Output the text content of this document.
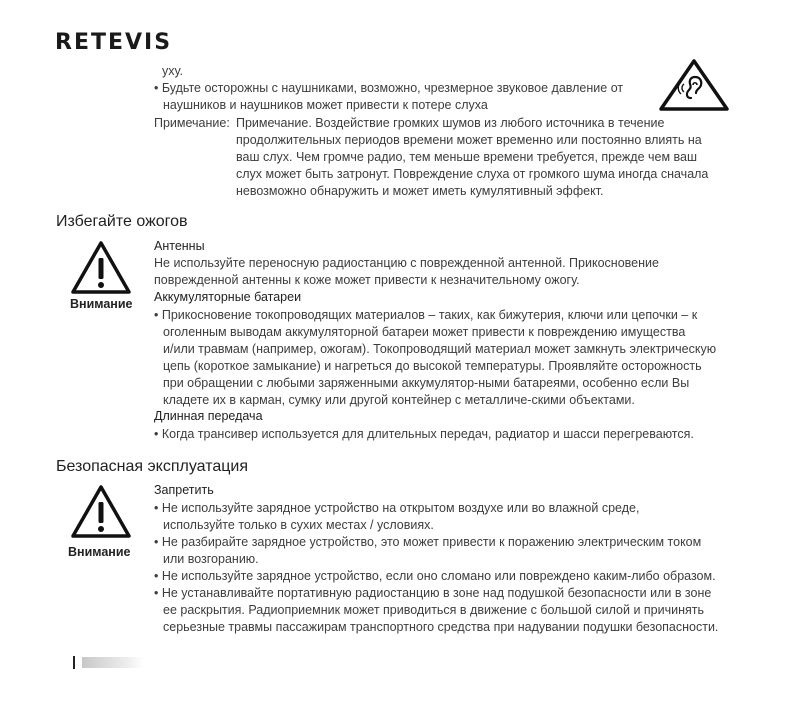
RETEVIS
уху.
• Будьте осторожны с наушниками, возможно, чрезмерное звуковое давление от
наушников и наушников может привести к потере слуха
Примечание: Примечание. Воздействие громких шумов из любого источника в течение
продолжительных периодов времени может временно или постоянно влиять на
ваш слух. Чем громче радио, тем меньше времени требуется, прежде чем ваш
слух может быть затронут. Повреждение слуха от громкого шума иногда сначала
невозможно обнаружить и может иметь кумулятивный эффект.
Избегайте ожогов
Внимание
Антенны
Не используйте переносную радиостанцию с поврежденной антенной. Прикосновение
поврежденной антенны к коже может привести к незначительному ожогу.
Аккумуляторные батареи
• Прикосновение токопроводящих материалов – таких, как бижутерия, ключи или цепочки – к
оголенным выводам аккумуляторной батареи может привести к повреждению имущества
и/или травмам (например, ожогам). Токопроводящий материал может замкнуть электрическую
цепь (короткое замыкание) и нагреться до высокой температуры. Проявляйте осторожность
при обращении с любыми заряженными аккумулятор-ными батареями, особенно если Вы
кладете их в карман, сумку или другой контейнер с металличе-скими объектами.
Длинная передача
• Когда трансивер используется для длительных передач, радиатор и шасси перегреваются.
Безопасная эксплуатация
Внимание
Запретить
• Не используйте зарядное устройство на открытом воздухе или во влажной среде,
используйте только в сухих местах / условиях.
• Не разбирайте зарядное устройство, это может привести к поражению электрическим током
или возгоранию.
• Не используйте зарядное устройство, если оно сломано или повреждено каким-либо образом.
• Не устанавливайте портативную радиостанцию в зоне над подушкой безопасности или в зоне
ее раскрытия. Радиоприемник может приводиться в движение с большой силой и причинять
серьезные травмы пассажирам транспортного средства при надувании подушки безопасности.
